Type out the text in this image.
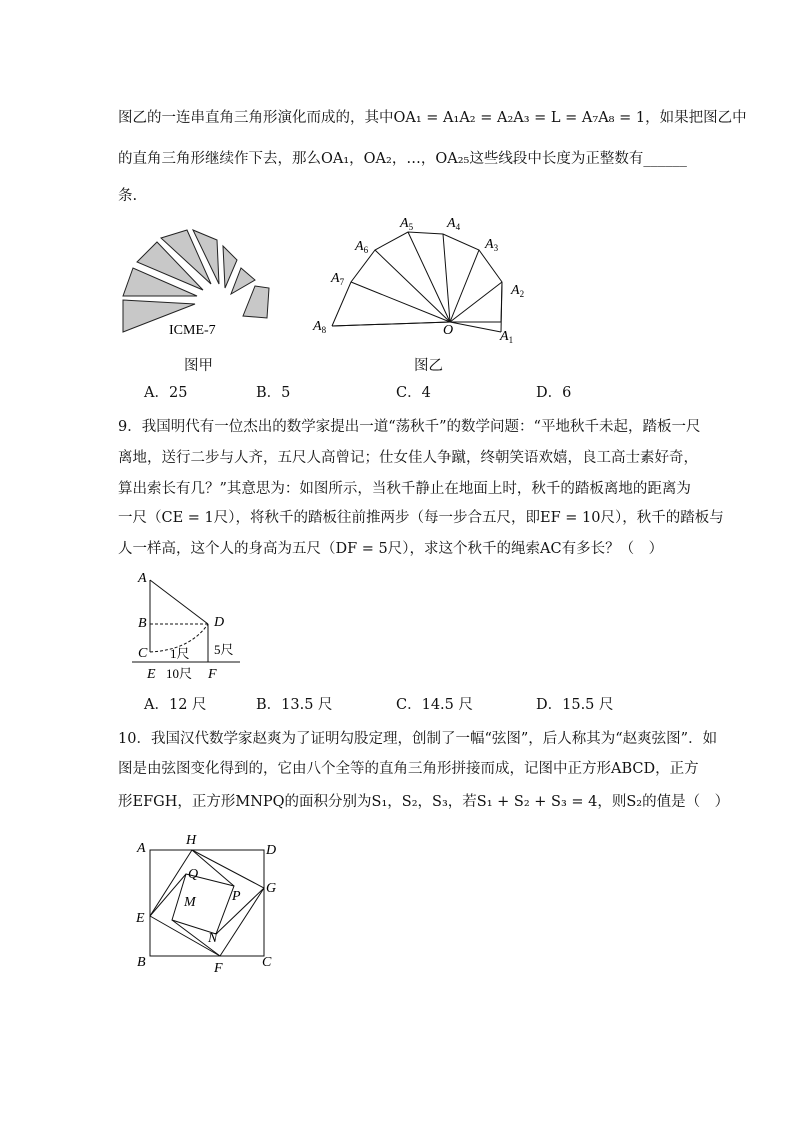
图乙的一连串直角三角形演化而成的，其中OA₁ = A₁A₂ = A₂A₃ = L = A₇A₈ = 1，如果把图乙中
的直角三角形继续作下去，那么OA₁，OA₂，…，OA₂₅这些线段中长度为正整数有______
条.
ICME-7
图甲
$A_8$
$A_7$
$A_6$
$A_5$ $A_4$
$A_3$
$A_2$
$A_1$
O
图乙
A．25	B．5	C．4	D．6
9．我国明代有一位杰出的数学家提出一道“荡秋千”的数学问题：“平地秋千未起，踏板一尺
离地，送行二步与人齐，五尺人高曾记；仕女佳人争蹴，终朝笑语欢嬉，良工高士素好奇，
算出索长有几？”其意思为：如图所示，当秋千静止在地面上时，秋千的踏板离地的距离为
一尺（CE = 1尺），将秋千的踏板往前推两步（每一步合五尺，即EF = 10尺），秋千的踏板与
人一样高，这个人的身高为五尺（DF = 5尺），求这个秋千的绳索AC有多长？（　）
A
B
C
D
E	F
1尺 5尺
10尺
A．12 尺	B．13.5 尺	C．14.5 尺	D．15.5 尺
10．我国汉代数学家赵爽为了证明勾股定理，创制了一幅“弦图”，后人称其为“赵爽弦图”．如
图是由弦图变化得到的，它由八个全等的直角三角形拼接而成，记图中正方形ABCD，正方
形EFGH，正方形MNPQ的面积分别为S₁，S₂，S₃，若S₁ + S₂ + S₃ = 4，则S₂的值是（　）
A
B	C
D
E
F
G
H
M
N
P
Q
